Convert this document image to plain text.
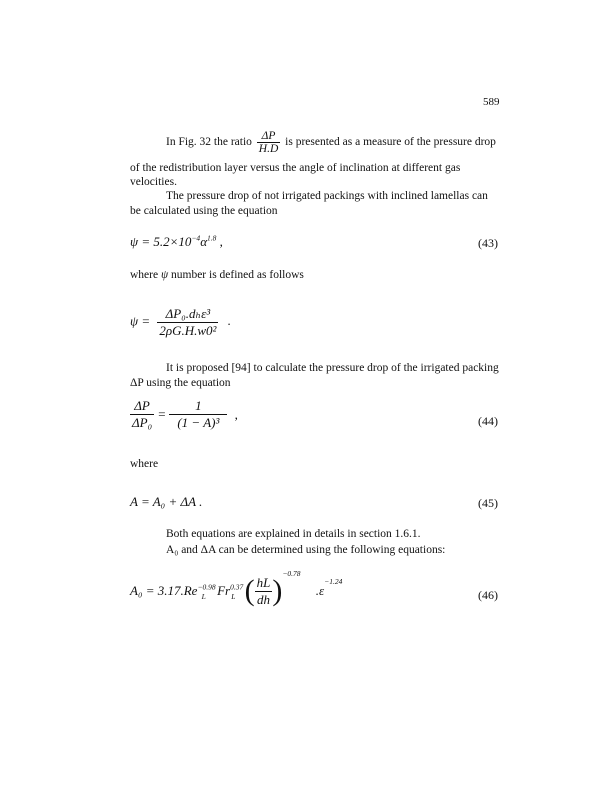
589
In Fig. 32 the ratio $\frac{\Delta P}{H.D}$ is presented as a measure of the pressure drop
of the redistribution layer versus the angle of inclination at different gas
velocities.
The pressure drop of not irrigated packings with inclined lamellas can
be calculated using the equation
$\psi = 5.2\times 10^{-4}\alpha^{1.8}$ ,	(43)
where ψ number is defined as follows
$\psi = \frac{\text{ΔP₀.dₕε³}}{\text{2ρG.H.w0²}}$ .
It is proposed [94] to calculate the pressure drop of the irrigated packing
ΔP using the equation
$\frac{\Delta P}{\text{ΔP₀}} = \frac{1}{\text{(1 − A)³}}$ ,	(44)
where
A = A₀ + ΔA .	(45)
Both equations are explained in details in section 1.6.1.
A₀ and ΔA can be determined using the following equations:
$A_0 = 3.17.Re^{-0.98}_L$ $Fr^{0.37}_L$ ( $\frac{hL}{dh} )^{-0.78}$ $.\varepsilon^{-1.24}$
(46)
